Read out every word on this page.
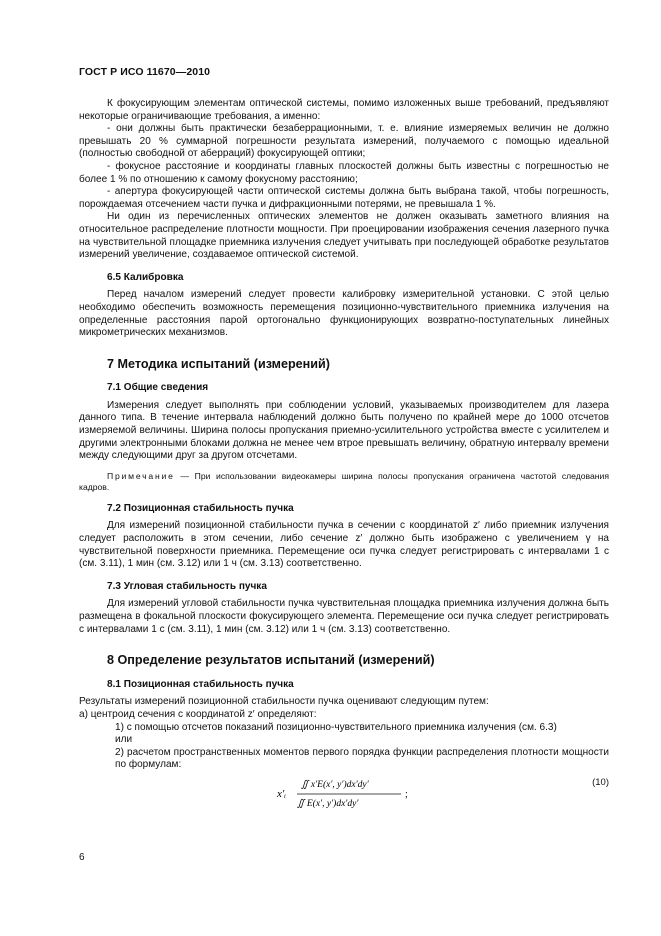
ГОСТ Р ИСО 11670—2010

К фокусирующим элементам оптической системы, помимо изложенных выше требований, предъявляют некоторые ограничивающие требования, а именно:

- они должны быть практически безаберрационными, т. е. влияние измеряемых величин не должно превышать 20 % суммарной погрешности результата измерений, получаемого с помощью идеальной (полностью свободной от аберраций) фокусирующей оптики;

- фокусное расстояние и координаты главных плоскостей должны быть известны с погрешностью не более 1 % по отношению к самому фокусному расстоянию;

- апертура фокусирующей части оптической системы должна быть выбрана такой, чтобы погрешность, порождаемая отсечением части пучка и дифракционными потерями, не превышала 1 %.

Ни один из перечисленных оптических элементов не должен оказывать заметного влияния на относительное распределение плотности мощности. При проецировании изображения сечения лазерного пучка на чувствительной площадке приемника излучения следует учитывать при последующей обработке результатов измерений увеличение, создаваемое оптической системой.

6.5 Калибровка

Перед началом измерений следует провести калибровку измерительной установки. С этой целью необходимо обеспечить возможность перемещения позиционно-чувствительного приемника излучения на определенные расстояния парой ортогонально функционирующих возвратно-поступательных линейных микрометрических механизмов.

7 Методика испытаний (измерений)

7.1 Общие сведения

Измерения следует выполнять при соблюдении условий, указываемых производителем для лазера данного типа. В течение интервала наблюдений должно быть получено по крайней мере до 1000 отсчетов измеряемой величины. Ширина полосы пропускания приемно-усилительного устройства вместе с усилителем и другими электронными блоками должна не менее чем втрое превышать величину, обратную интервалу времени между следующими друг за другом отсчетами.

Примечание — При использовании видеокамеры ширина полосы пропускания ограничена частотой следования кадров.

7.2 Позиционная стабильность пучка

Для измерений позиционной стабильности пучка в сечении с координатой z′ либо приемник излучения следует расположить в этом сечении, либо сечение z′ должно быть изображено с увеличением γ на чувствительной поверхности приемника. Перемещение оси пучка следует регистрировать с интервалами 1 с (см. 3.11), 1 мин (см. 3.12) или 1 ч (см. 3.13) соответственно.

7.3 Угловая стабильность пучка

Для измерений угловой стабильности пучка чувствительная площадка приемника излучения должна быть размещена в фокальной плоскости фокусирующего элемента. Перемещение оси пучка следует регистрировать с интервалами 1 с (см. 3.11), 1 мин (см. 3.12) или 1 ч (см. 3.13) соответственно.

8 Определение результатов испытаний (измерений)

8.1 Позиционная стабильность пучка

Результаты измерений позиционной стабильности пучка оценивают следующим путем:

а) центроид сечения с координатой z′ определяют:

1) с помощью отсчетов показаний позиционно-чувствительного приемника излучения (см. 6.3)

или

2) расчетом пространственных моментов первого порядка функции распределения плотности мощности по формулам:

x′ᵢ
∬ x′E(x′, y′)dx′dy′
∬ E(x′, y′)dx′dy′
;
(10)
6
